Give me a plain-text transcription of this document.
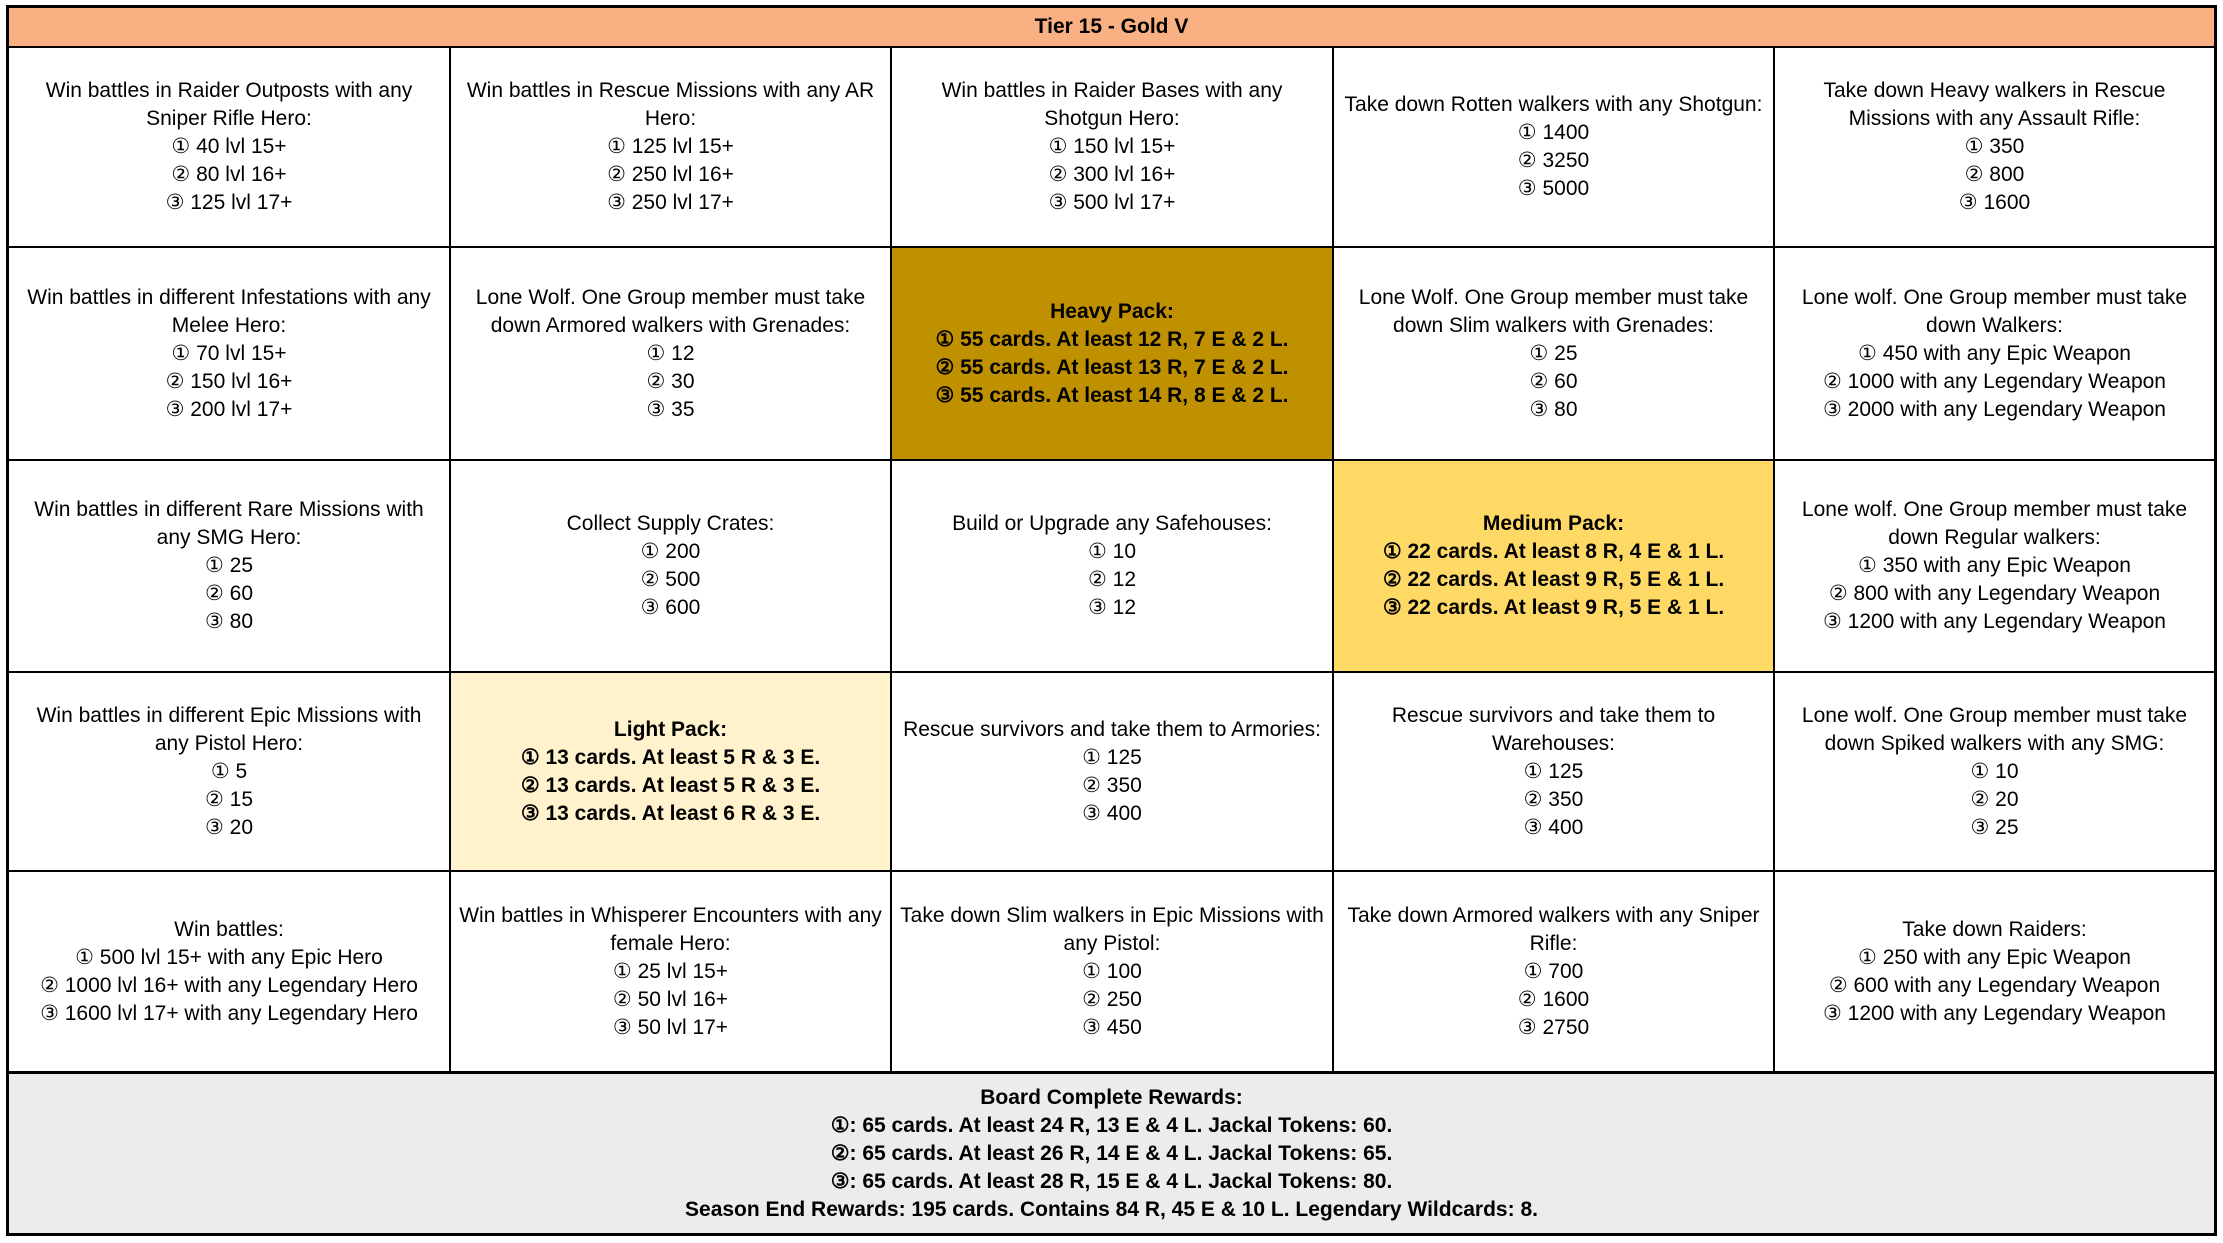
Tier 15 - Gold V
Win battles in Raider Outposts with any Sniper Rifle Hero:
① 40 lvl 15+
② 80 lvl 16+
③ 125 lvl 17+
Win battles in Rescue Missions with any AR Hero:
① 125 lvl 15+
② 250 lvl 16+
③ 250 lvl 17+
Win battles in Raider Bases with any Shotgun Hero:
① 150 lvl 15+
② 300 lvl 16+
③ 500 lvl 17+
Take down Rotten walkers with any Shotgun:
① 1400
② 3250
③ 5000
Take down Heavy walkers in Rescue Missions with any Assault Rifle:
① 350
② 800
③ 1600
Win battles in different Infestations with any Melee Hero:
① 70 lvl 15+
② 150 lvl 16+
③ 200 lvl 17+
Lone Wolf. One Group member must take down Armored walkers with Grenades:
① 12
② 30
③ 35
Heavy Pack:
① 55 cards. At least 12 R, 7 E & 2 L.
② 55 cards. At least 13 R, 7 E & 2 L.
③ 55 cards. At least 14 R, 8 E & 2 L.
Lone Wolf. One Group member must take down Slim walkers with Grenades:
① 25
② 60
③ 80
Lone wolf. One Group member must take down Walkers:
① 450 with any Epic Weapon
② 1000 with any Legendary Weapon
③ 2000 with any Legendary Weapon
Win battles in different Rare Missions with any SMG Hero:
① 25
② 60
③ 80
Collect Supply Crates:
① 200
② 500
③ 600
Build or Upgrade any Safehouses:
① 10
② 12
③ 12
Medium Pack:
① 22 cards. At least 8 R, 4 E & 1 L.
② 22 cards. At least 9 R, 5 E & 1 L.
③ 22 cards. At least 9 R, 5 E & 1 L.
Lone wolf. One Group member must take down Regular walkers:
① 350 with any Epic Weapon
② 800 with any Legendary Weapon
③ 1200 with any Legendary Weapon
Win battles in different Epic Missions with any Pistol Hero:
① 5
② 15
③ 20
Light Pack:
① 13 cards. At least 5 R & 3 E.
② 13 cards. At least 5 R & 3 E.
③ 13 cards. At least 6 R & 3 E.
Rescue survivors and take them to Armories:
① 125
② 350
③ 400
Rescue survivors and take them to Warehouses:
① 125
② 350
③ 400
Lone wolf. One Group member must take down Spiked walkers with any SMG:
① 10
② 20
③ 25
Win battles:
① 500 lvl 15+ with any Epic Hero
② 1000 lvl 16+ with any Legendary Hero
③ 1600 lvl 17+ with any Legendary Hero
Win battles in Whisperer Encounters with any female Hero:
① 25 lvl 15+
② 50 lvl 16+
③ 50 lvl 17+
Take down Slim walkers in Epic Missions with any Pistol:
① 100
② 250
③ 450
Take down Armored walkers with any Sniper Rifle:
① 700
② 1600
③ 2750
Take down Raiders:
① 250 with any Epic Weapon
② 600 with any Legendary Weapon
③ 1200 with any Legendary Weapon
Board Complete Rewards:
①: 65 cards. At least 24 R, 13 E & 4 L. Jackal Tokens: 60.
②: 65 cards. At least 26 R, 14 E & 4 L. Jackal Tokens: 65.
③: 65 cards. At least 28 R, 15 E & 4 L. Jackal Tokens: 80.
Season End Rewards: 195 cards. Contains 84 R, 45 E & 10 L. Legendary Wildcards: 8.
